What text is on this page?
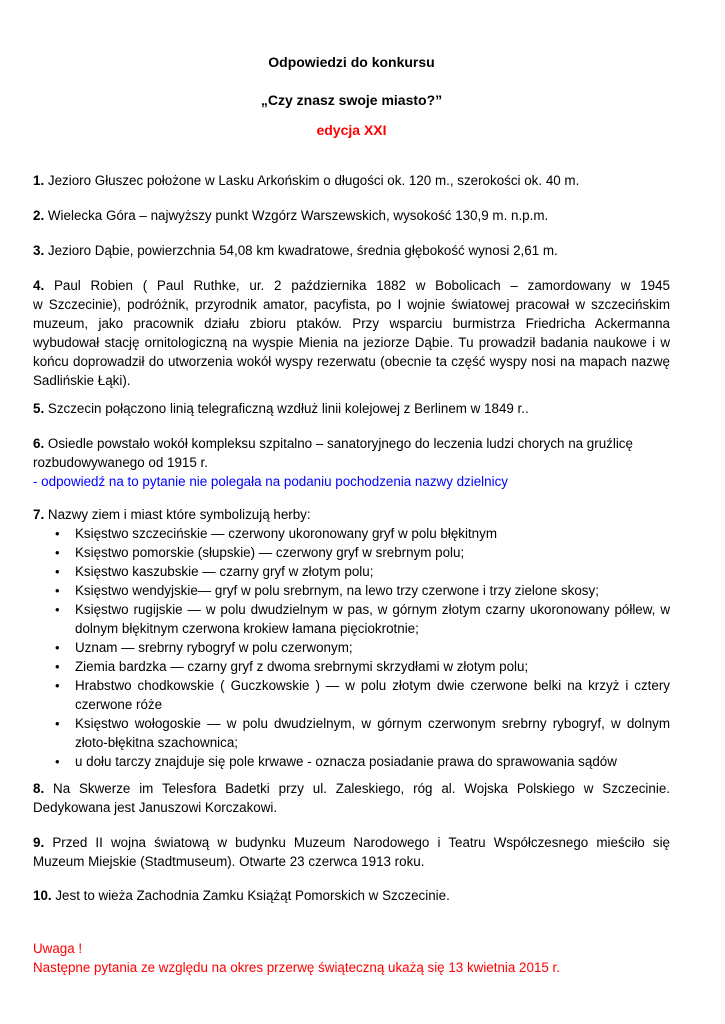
Odpowiedzi do konkursu
„Czy znasz swoje miasto?”
edycja XXI
1. Jezioro Głuszec położone w Lasku Arkońskim o długości ok. 120 m., szerokości ok. 40 m.
2. Wielecka Góra – najwyższy punkt Wzgórz Warszewskich, wysokość 130,9 m. n.p.m.
3. Jezioro Dąbie, powierzchnia 54,08 km kwadratowe, średnia głębokość wynosi 2,61 m.
4. Paul Robien ( Paul Ruthke, ur. 2 października 1882 w Bobolicach – zamordowany w 1945
w Szczecinie), podróżnik, przyrodnik amator, pacyfista, po I wojnie światowej pracował w szczecińskim
muzeum, jako pracownik działu zbioru ptaków. Przy wsparciu burmistrza Friedricha Ackermanna
wybudował stację ornitologiczną na wyspie Mienia na jeziorze Dąbie. Tu prowadził badania naukowe i w
końcu doprowadził do utworzenia wokół wyspy rezerwatu (obecnie ta część wyspy nosi na mapach nazwę
Sadlińskie Łąki).
5. Szczecin połączono linią telegraficzną wzdłuż linii kolejowej z Berlinem w 1849 r..
6. Osiedle powstało wokół kompleksu szpitalno – sanatoryjnego do leczenia ludzi chorych na gruźlicę
rozbudowywanego od 1915 r.
- odpowiedź na to pytanie nie polegała na podaniu pochodzenia nazwy dzielnicy
7. Nazwy ziem i miast które symbolizują herby:
• Księstwo szczecińskie — czerwony ukoronowany gryf w polu błękitnym
• Księstwo pomorskie (słupskie) — czerwony gryf w srebrnym polu;
• Księstwo kaszubskie — czarny gryf w złotym polu;
• Księstwo wendyjskie— gryf w polu srebrnym, na lewo trzy czerwone i trzy zielone skosy;
• Księstwo rugijskie — w polu dwudzielnym w pas, w górnym złotym czarny ukoronowany półlew, w
dolnym błękitnym czerwona krokiew łamana pięciokrotnie;
• Uznam — srebrny rybogryf w polu czerwonym;
• Ziemia bardzka — czarny gryf z dwoma srebrnymi skrzydłami w złotym polu;
• Hrabstwo chodkowskie ( Guczkowskie ) — w polu złotym dwie czerwone belki na krzyż i cztery
czerwone róże
• Księstwo wołogoskie — w polu dwudzielnym, w górnym czerwonym srebrny rybogryf, w dolnym
złoto-błękitna szachownica;
• u dołu tarczy znajduje się pole krwawe - oznacza posiadanie prawa do sprawowania sądów
8. Na Skwerze im Telesfora Badetki przy ul. Zaleskiego, róg al. Wojska Polskiego w Szczecinie.
Dedykowana jest Januszowi Korczakowi.
9. Przed II wojna światową w budynku Muzeum Narodowego i Teatru Współczesnego mieściło się
Muzeum Miejskie (Stadtmuseum). Otwarte 23 czerwca 1913 roku.
10. Jest to wieża Zachodnia Zamku Książąt Pomorskich w Szczecinie.
Uwaga !
Następne pytania ze względu na okres przerwę świąteczną ukażą się 13 kwietnia 2015 r.
